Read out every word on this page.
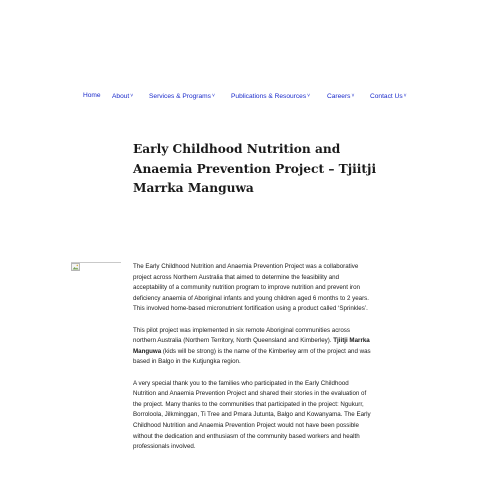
Home About˅ Services & Programs˅ Publications & Resources˅	Careers˅ Contact Us˅
Early Childhood Nutrition and Anaemia Prevention Project – Tjiitji Marrka Manguwa

The Early Childhood Nutrition and Anaemia Prevention Project was a collaborative project across Northern Australia that aimed to determine the feasibility and acceptability of a community nutrition program to improve nutrition and prevent iron deficiency anaemia of Aboriginal infants and young children aged 6 months to 2 years. This involved home-based micronutrient fortification using a product called ‘Sprinkles’.

This pilot project was implemented in six remote Aboriginal communities across northern Australia (Northern Territory, North Queensland and Kimberley). Tjiitji Marrka Manguwa (kids will be strong) is the name of the Kimberley arm of the project and was based in Balgo in the Kutjungka region.

A very special thank you to the families who participated in the Early Childhood Nutrition and Anaemia Prevention Project and shared their stories in the evaluation of the project. Many thanks to the communities that participated in the project: Ngukurr, Borroloola, Jilkminggan, Ti Tree and Pmara Jutunta, Balgo and Kowanyama. The Early Childhood Nutrition and Anaemia Prevention Project would not have been possible without the dedication and enthusiasm of the community based workers and health professionals involved.
